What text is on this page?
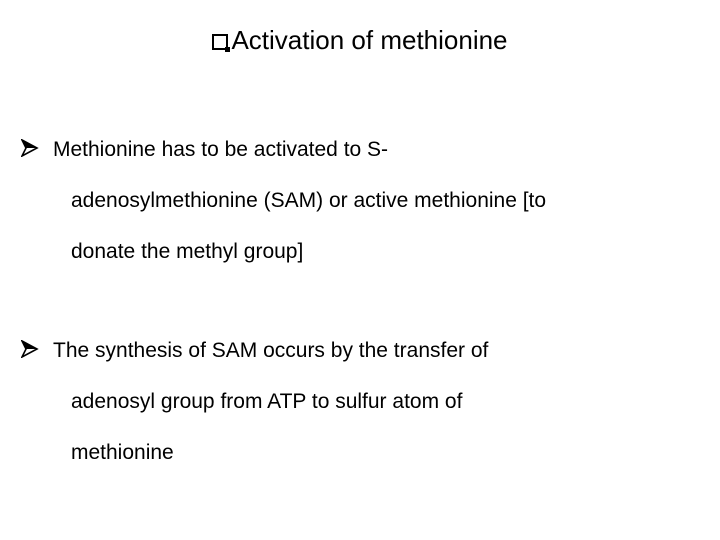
Activation of methionine
Methionine has to be activated to S-
adenosylmethionine (SAM) or active methionine [to
donate the methyl group]
The synthesis of SAM occurs by the transfer of
adenosyl group from ATP to sulfur atom of
methionine
